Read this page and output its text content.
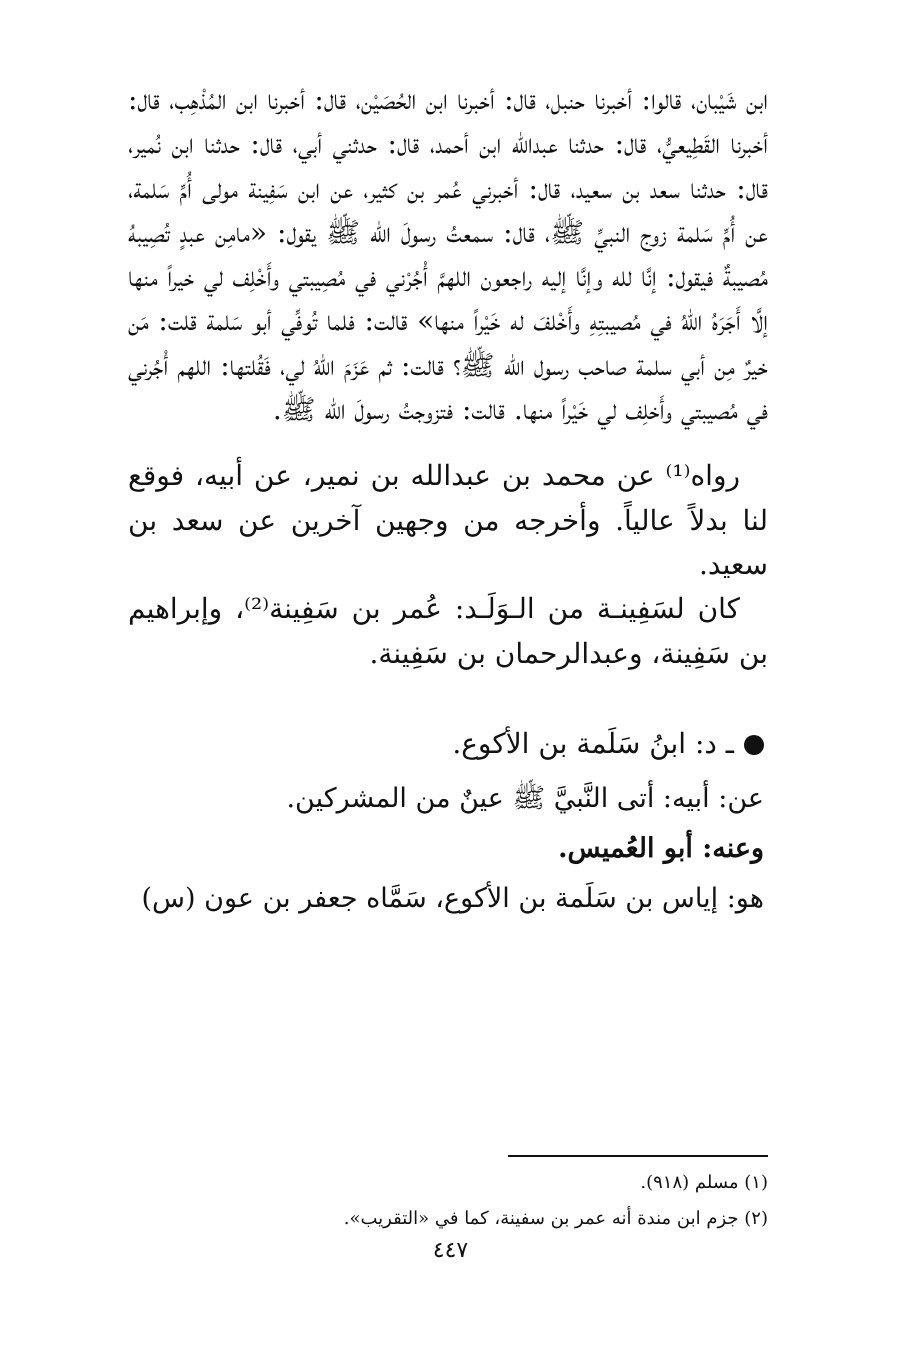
ابن شَيْبان، قالوا: أخبرنا حنبل، قال: أخبرنا ابن الحُصَيْن، قال: أخبرنا ابن المُذْهِب، قال: أخبرنا القَطِيعيُّ، قال: حدثنا عبدالله ابن أحمد، قال: حدثني أبي، قال: حدثنا ابن نُمير، قال: حدثنا سعد بن سعيد، قال: أخبرني عُمر بن كثير، عن ابن سَفِينة مولى أُمِّ سَلمة، عن أُمِّ سَلمة زوج النبيِّ ﷺ، قال: سمعتُ رسولَ الله ﷺ يقول: «مامِن عبدٍ تُصِيبهُ مُصيبةٌ فيقول: إنَّا لله وإنَّا إليه راجعون اللهمَّ أْجُرْني في مُصِيبتي وأَخْلِف لي خيراً منها إلَّا أَجَرَهُ اللهُ في مُصيبتِهِ وأَخْلفَ له خَيْراً منها» قالت: فلما تُوفِّي أبو سَلمة قلت: مَن خيرٌ مِن أبي سلمة صاحب رسول الله ﷺ؟ قالت: ثم عَزَمَ اللهُ لي، فَقُلتها: اللهم أْجُرني في مُصيبتي وأَخلِف لي خَيْراً منها. قالت: فتزوجتُ رسولَ الله ﷺ.

رواه⁽¹⁾ عن محمد بن عبدالله بن نمير، عن أبيه، فوقع لنا بدلاً عالياً. وأخرجه من وجهين آخرين عن سعد بن سعيد.

كان لسَفِينـة من الـوَلَـد: عُمر بن سَفِينة⁽²⁾، وإبراهيم بن سَفِينة، وعبدالرحمان بن سَفِينة.

ـ د: ابنُ سَلَمة بن الأكوع.

عن: أبيه: أتى النَّبيَّ ﷺ عينٌ من المشركين.

وعنه: أبو العُميس.

هو: إياس بن سَلَمة بن الأكوع، سَمَّاه جعفر بن عون (س)

(١) مسلم (٩١٨).

(٢) جزم ابن مندة أنه عمر بن سفينة، كما في «التقريب».

٤٤٧
